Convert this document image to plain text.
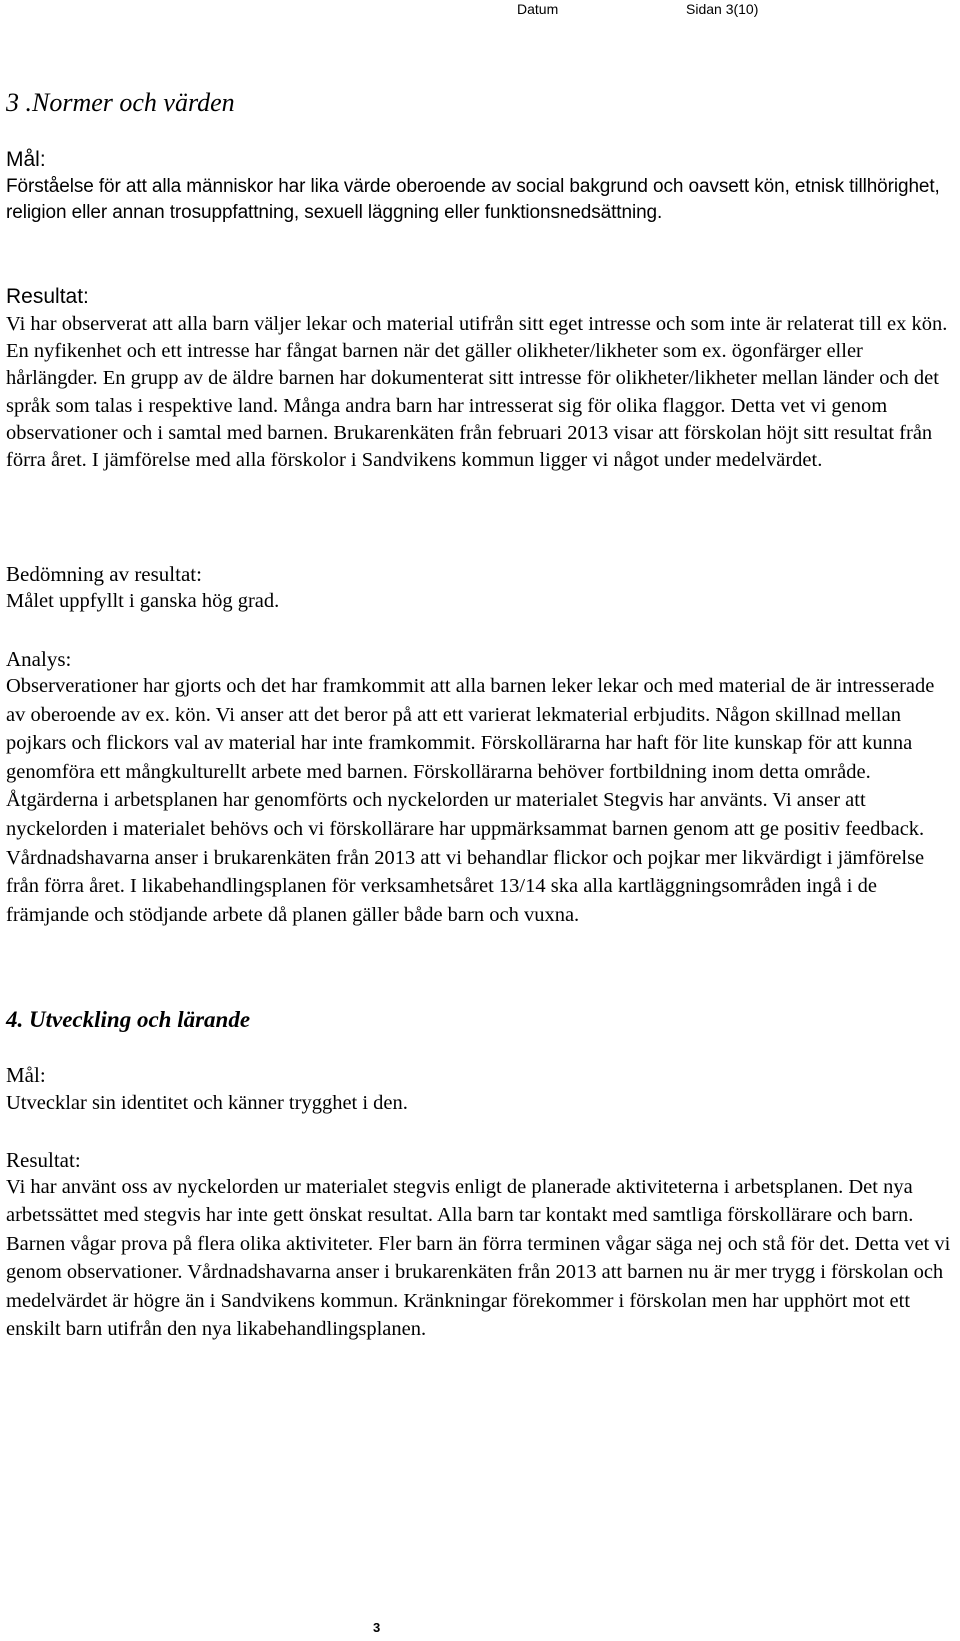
Datum	Sidan 3(10)
3 .Normer och värden
Mål:

Förståelse för att alla människor har lika värde oberoende av social bakgrund och oavsett kön, etnisk tillhörighet, religion eller annan trosuppfattning, sexuell läggning eller funktionsnedsättning.

Resultat:

Vi har observerat att alla barn väljer lekar och material utifrån sitt eget intresse och som inte är relaterat till ex kön. En nyfikenhet och ett intresse har fångat barnen när det gäller olikheter/likheter som ex. ögonfärger eller hårlängder. En grupp av de äldre barnen har dokumenterat sitt intresse för olikheter/likheter mellan länder och det språk som talas i respektive land. Många andra barn har intresserat sig för olika flaggor. Detta vet vi genom observationer och i samtal med barnen. Brukarenkäten från februari 2013 visar att förskolan höjt sitt resultat från förra året. I jämförelse med alla förskolor i Sandvikens kommun ligger vi något under medelvärdet.

Bedömning av resultat:

Målet uppfyllt i ganska hög grad.

Analys:

Observerationer har gjorts och det har framkommit att alla barnen leker lekar och med material de är intresserade av oberoende av ex. kön. Vi anser att det beror på att ett varierat lekmaterial erbjudits. Någon skillnad mellan pojkars och flickors val av material har inte framkommit. Förskollärarna har haft för lite kunskap för att kunna genomföra ett mångkulturellt arbete med barnen. Förskollärarna behöver fortbildning inom detta område. Åtgärderna i arbetsplanen har genomförts och nyckelorden ur materialet Stegvis har använts. Vi anser att nyckelorden i materialet behövs och vi förskollärare har uppmärksammat barnen genom att ge positiv feedback. Vårdnadshavarna anser i brukarenkäten från 2013 att vi behandlar flickor och pojkar mer likvärdigt i jämförelse från förra året. I likabehandlingsplanen för verksamhetsåret 13/14 ska alla kartläggningsområden ingå i de främjande och stödjande arbete då planen gäller både barn och vuxna.

4. Utveckling och lärande
Mål:

Utvecklar sin identitet och känner trygghet i den.

Resultat:

Vi har använt oss av nyckelorden ur materialet stegvis enligt de planerade aktiviteterna i arbetsplanen. Det nya arbetssättet med stegvis har inte gett önskat resultat. Alla barn tar kontakt med samtliga förskollärare och barn. Barnen vågar prova på flera olika aktiviteter. Fler barn än förra terminen vågar säga nej och stå för det. Detta vet vi genom observationer. Vårdnadshavarna anser i brukarenkäten från 2013 att barnen nu är mer trygg i förskolan och medelvärdet är högre än i Sandvikens kommun. Kränkningar förekommer i förskolan men har upphört mot ett enskilt barn utifrån den nya likabehandlingsplanen.

3
